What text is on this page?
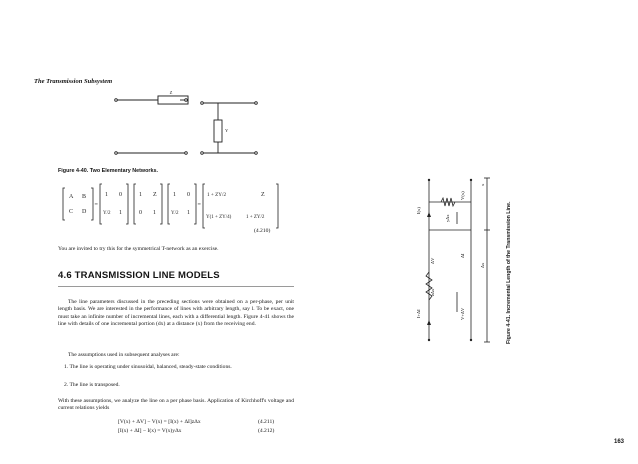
The Transmission Subsystem
Z
Y
Figure 4-40. Two Elementary Networks.
A B
C D
=
1 0
Y/2 1
1 Z
0 1
1 0
Y/2 1
=
1 + ZY/2	Z
Y(1 + ZY/4)	1 + ZY/2
(4.210)
You are invited to try this for the symmetrical T-network as an exercise.
4.6 TRANSMISSION LINE MODELS
The line parameters discussed in the preceding sections were obtained on a per-phase, per unit length basis. We are interested in the performance of lines with arbitrary length, say l. To be exact, one must take an infinite number of incremental lines, each with a differential length. Figure 4-41 shows the line with details of one incremental portion (dx) at a distance (x) from the receiving end.
The assumptions used in subsequent analyses are:
1. The line is operating under sinusoidal, balanced, steady-state conditions.
2. The line is transposed.
With these assumptions, we analyze the line on a per phase basis. Application of Kirchhoff's voltage and current relations yields
[V(x) + ΔV] − V(x) = [I(x) + ΔI]zΔx	(4.211)
[I(x) + ΔI] − I(x) = V(x)yΔx	(4.212)
I+ΔI
I(x)
V(x)
V+ΔV
zΔx
yΔx
ΔV
ΔI
x
Δx	Figure 4-41. Incremental Length of the Transmission Line.
163
